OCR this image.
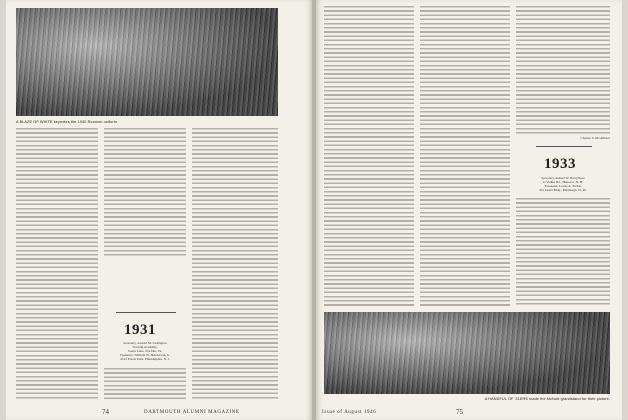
A BLAZE OF WHITE keynotes the 1930 Reunion uniform.
1931
Secretary, Arnold M. Ludington
Norfolk Academy,
Cedar Lane, Norfolk, Va.
Treasurer, William W. Henderson, Jr.
4513 Forest Park, Philadelphia, N. J.
74	DARTMOUTH ALUMNI MAGAZINE
Charles S. McAllister
1933
Secretary, Robert W. Barrymore
to Vadler Rd., Hanover, N. H.
Treasurer, Lewis A. Jordan
451 Grant Bldg., Pittsburgh 19, Pa.
A HANDFUL OF '31ERS made the McNutt grandstand for their picture.
Issue of August 1946	75
